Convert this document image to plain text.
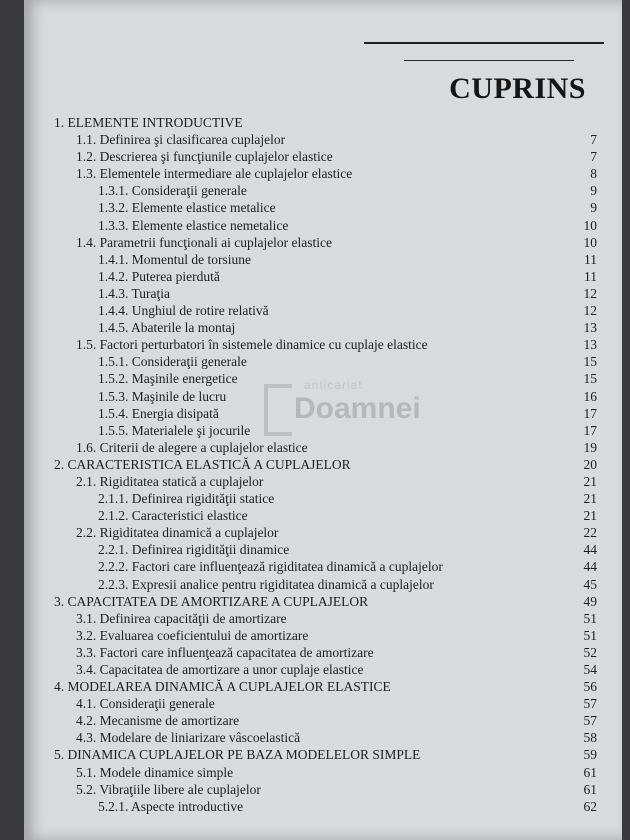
CUPRINS
1. ELEMENTE INTRODUCTIVE
1.1. Definirea şi clasificarea cuplajelor	7
1.2. Descrierea şi funcţiunile cuplajelor elastice	7
1.3. Elementele intermediare ale cuplajelor elastice	8
1.3.1. Consideraţii generale	9
1.3.2. Elemente elastice metalice	9
1.3.3. Elemente elastice nemetalice	10
1.4. Parametrii funcţionali ai cuplajelor elastice	10
1.4.1. Momentul de torsiune	11
1.4.2. Puterea pierdută	11
1.4.3. Turaţia	12
1.4.4. Unghiul de rotire relativă	12
1.4.5. Abaterile la montaj	13
1.5. Factori perturbatori în sistemele dinamice cu cuplaje elastice	13
1.5.1. Consideraţii generale	15
1.5.2. Maşinile energetice	15
1.5.3. Maşinile de lucru	16
1.5.4. Energia disipată	17
1.5.5. Materialele şi jocurile	17
1.6. Criterii de alegere a cuplajelor elastice	19
2. CARACTERISTICA ELASTICĂ A CUPLAJELOR	20
2.1. Rigiditatea statică a cuplajelor	21
2.1.1. Definirea rigidităţii statice	21
2.1.2. Caracteristici elastice	21
2.2. Rigiditatea dinamică a cuplajelor	22
2.2.1. Definirea rigidităţii dinamice	44
2.2.2. Factori care influenţează rigiditatea dinamică a cuplajelor	44
2.2.3. Expresii analice pentru rigiditatea dinamică a cuplajelor	45
3. CAPACITATEA DE AMORTIZARE A CUPLAJELOR	49
3.1. Definirea capacităţii de amortizare	51
3.2. Evaluarea coeficientului de amortizare	51
3.3. Factori care influenţează capacitatea de amortizare	52
3.4. Capacitatea de amortizare a unor cuplaje elastice	54
4. MODELAREA DINAMICĂ A CUPLAJELOR ELASTICE	56
4.1. Consideraţii generale	57
4.2. Mecanisme de amortizare	57
4.3. Modelare de liniarizare vâscoelastică	58
5. DINAMICA CUPLAJELOR PE BAZA MODELELOR SIMPLE	59
5.1. Modele dinamice simple	61
5.2. Vibraţiile libere ale cuplajelor	61
5.2.1. Aspecte introductive	62
anticariat
Doamnei
